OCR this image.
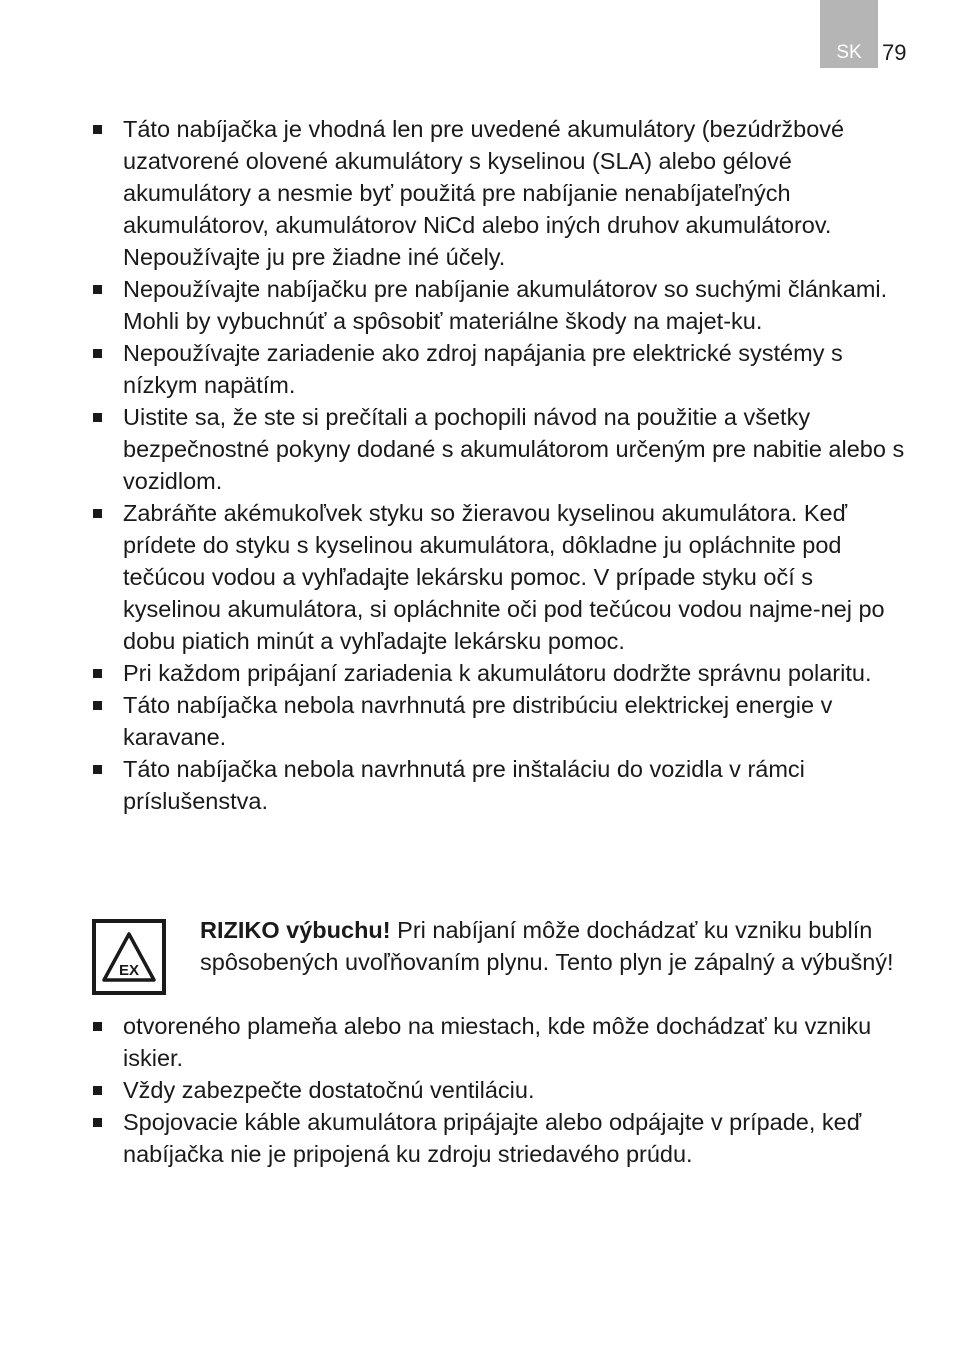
SK 79
Táto nabíjačka je vhodná len pre uvedené akumulátory (bezúdržbové uzatvorené olovené akumulátory s kyselinou (SLA) alebo gélové akumulátory a nesmie byť použitá pre nabíjanie nenabíjateľných akumulátorov, akumulátorov NiCd alebo iných druhov akumulátorov. Nepoužívajte ju pre žiadne iné účely.
Nepoužívajte nabíjačku pre nabíjanie akumulátorov so suchými článkami. Mohli by vybuchnúť a spôsobiť materiálne škody na majet-ku.
Nepoužívajte zariadenie ako zdroj napájania pre elektrické systémy s nízkym napätím.
Uistite sa, že ste si prečítali a pochopili návod na použitie a všetky bezpečnostné pokyny dodané s akumulátorom určeným pre nabitie alebo s vozidlom.
Zabráňte akémukoľvek styku so žieravou kyselinou akumulátora. Keď prídete do styku s kyselinou akumulátora, dôkladne ju opláchnite pod tečúcou vodou a vyhľadajte lekársku pomoc. V prípade styku očí s kyselinou akumulátora, si opláchnite oči pod tečúcou vodou najme-nej po dobu piatich minút a vyhľadajte lekársku pomoc.
Pri každom pripájaní zariadenia k akumulátoru dodržte správnu polaritu.
Táto nabíjačka nebola navrhnutá pre distribúciu elektrickej energie v karavane.
Táto nabíjačka nebola navrhnutá pre inštaláciu do vozidla v rámci príslušenstva.
EX
RIZIKO výbuchu! Pri nabíjaní môže dochádzať ku vzniku bublín spôsobených uvoľňovaním plynu. Tento plyn je zápalný a výbušný!
otvoreného plameňa alebo na miestach, kde môže dochádzať ku vzniku iskier.
Vždy zabezpečte dostatočnú ventiláciu.
Spojovacie káble akumulátora pripájajte alebo odpájajte v prípade, keď nabíjačka nie je pripojená ku zdroju striedavého prúdu.
